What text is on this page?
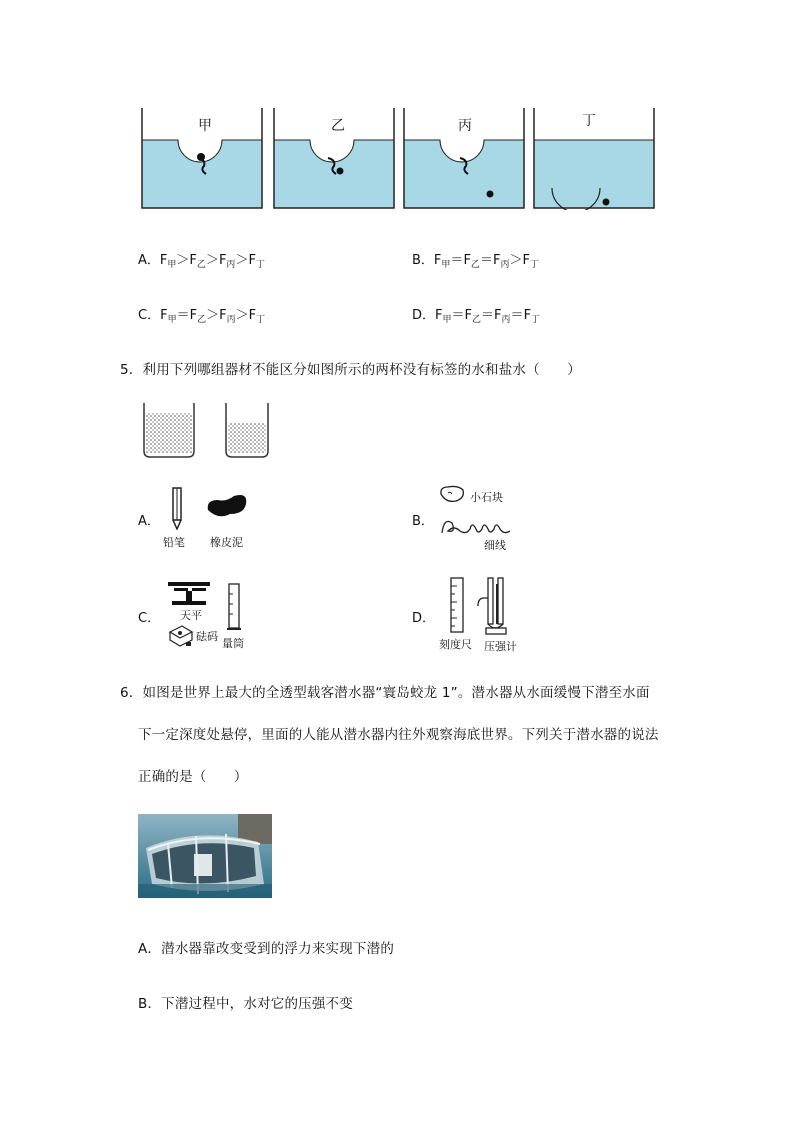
甲	乙	丙	丁
A．$F_甲>F_乙>F_丙>F_丁$	B．$F_甲=F_乙=F_丙>F_丁$
C．$F_甲=F_乙>F_丙>F_丁$	D．$F_甲=F_乙=F_丙=F_丁$
5．利用下列哪组器材不能区分如图所示的两杯没有标签的水和盐水（　　）
A．
铅笔 橡皮泥
B．
小石块
细线
C． 天平
砝码
量筒
D．
刻度尺 压强计
6．如图是世界上最大的全透型载客潜水器“寰岛蛟龙 1”。潜水器从水面缓慢下潜至水面
下一定深度处悬停，里面的人能从潜水器内往外观察海底世界。下列关于潜水器的说法
正确的是（　　）
A．潜水器靠改变受到的浮力来实现下潜的
B．下潜过程中，水对它的压强不变
